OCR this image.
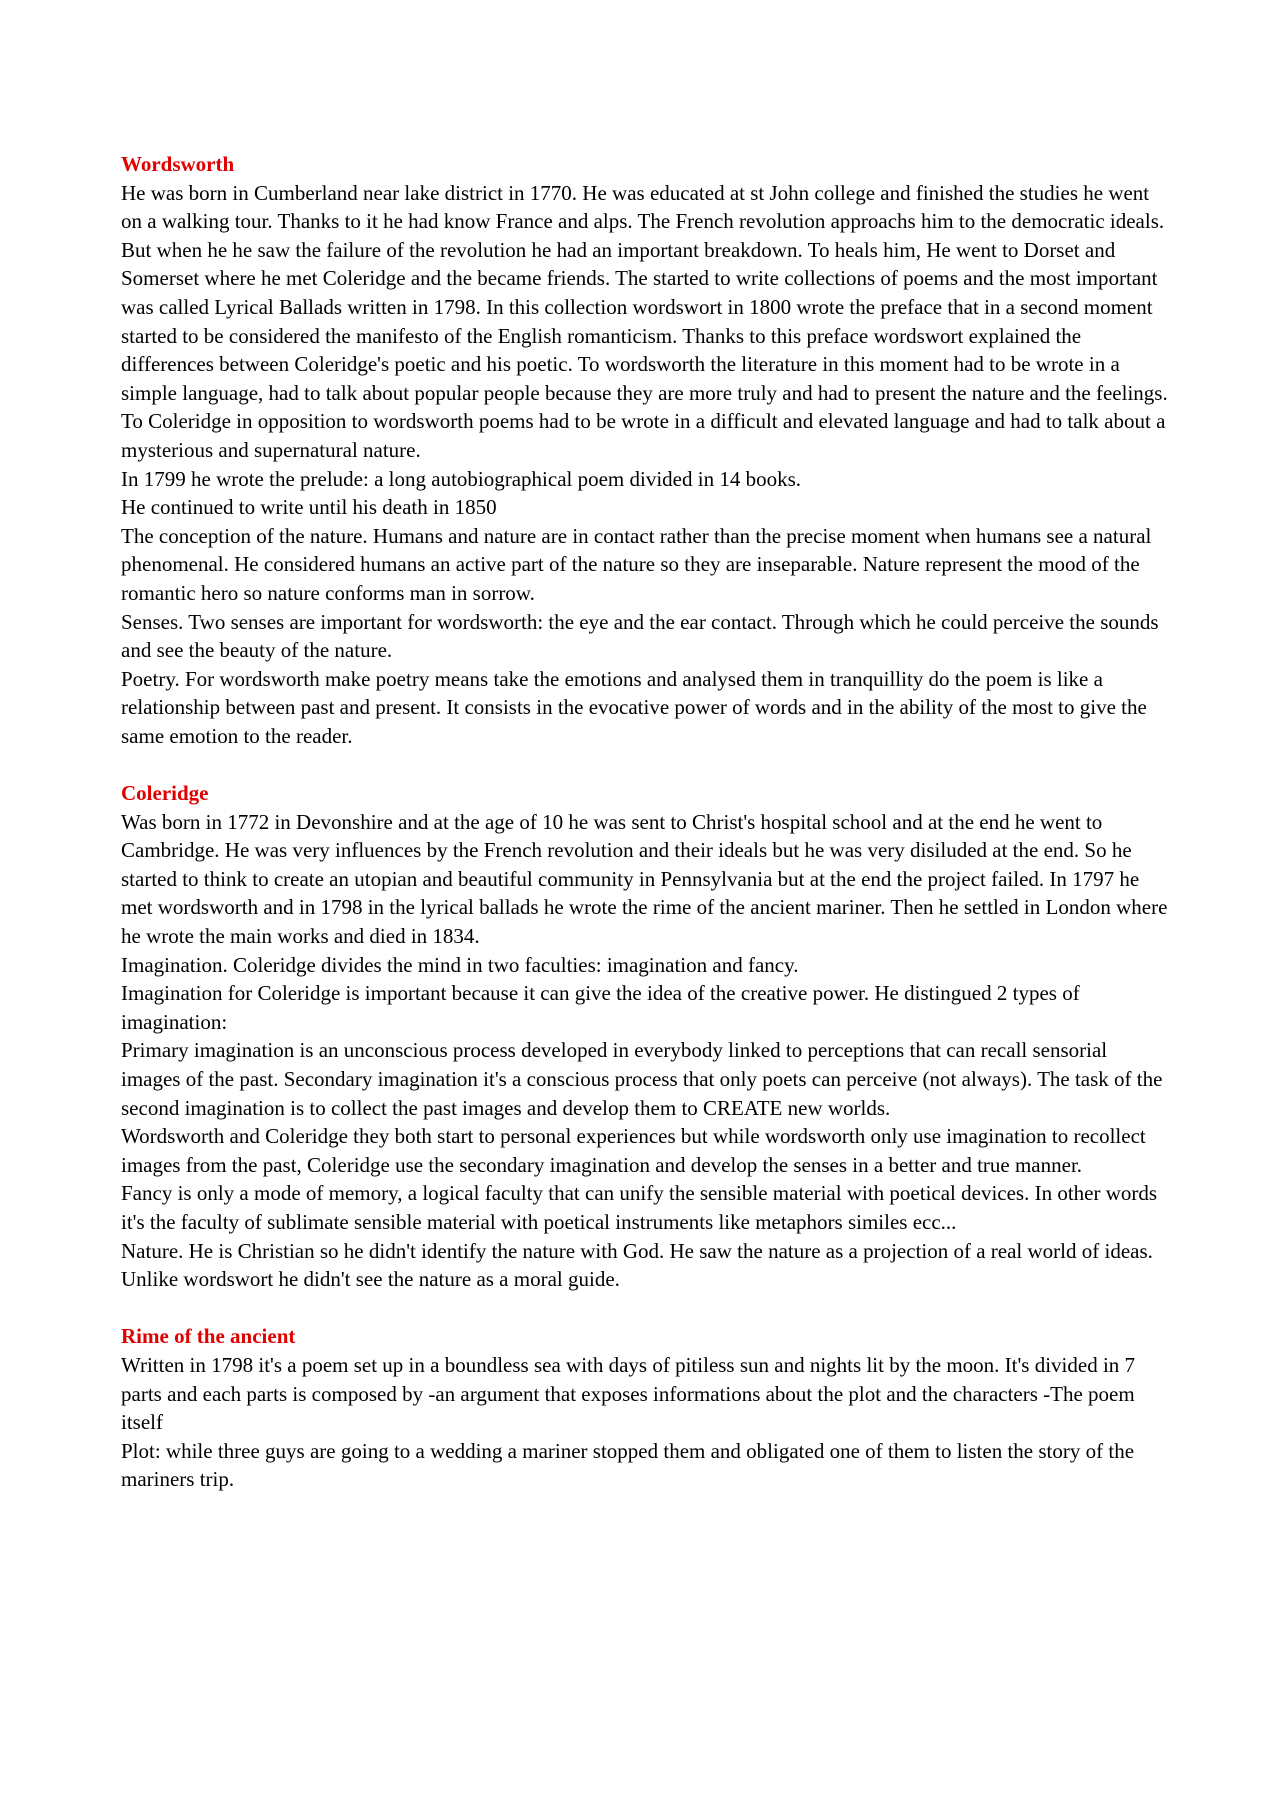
Wordsworth

He was born in Cumberland near lake district in 1770. He was educated at st John college and finished the studies he went on a walking tour. Thanks to it he had know France and alps. The French revolution approachs him to the democratic ideals. But when he he saw the failure of the revolution he had an important breakdown. To heals him, He went to Dorset and Somerset where he met Coleridge and the became friends. The started to write collections of poems and the most important was called Lyrical Ballads written in 1798. In this collection wordswort in 1800 wrote the preface that in a second moment started to be considered the manifesto of the English romanticism. Thanks to this preface wordswort explained the differences between Coleridge's poetic and his poetic. To wordsworth the literature in this moment had to be wrote in a simple language, had to talk about popular people because they are more truly and had to present the nature and the feelings. To Coleridge in opposition to wordsworth poems had to be wrote in a difficult and elevated language and had to talk about a mysterious and supernatural nature.

In 1799 he wrote the prelude: a long autobiographical poem divided in 14 books.

He continued to write until his death in 1850

The conception of the nature. Humans and nature are in contact rather than the precise moment when humans see a natural phenomenal. He considered humans an active part of the nature so they are inseparable. Nature represent the mood of the romantic hero so nature conforms man in sorrow.

Senses. Two senses are important for wordsworth: the eye and the ear contact. Through which he could perceive the sounds and see the beauty of the nature.

Poetry. For wordsworth make poetry means take the emotions and analysed them in tranquillity do the poem is like a relationship between past and present. It consists in the evocative power of words and in the ability of the most to give the same emotion to the reader.

Coleridge

Was born in 1772 in Devonshire and at the age of 10 he was sent to Christ's hospital school and at the end he went to Cambridge. He was very influences by the French revolution and their ideals but he was very disiluded at the end. So he started to think to create an utopian and beautiful community in Pennsylvania but at the end the project failed. In 1797 he met wordsworth and in 1798 in the lyrical ballads he wrote the rime of the ancient mariner. Then he settled in London where he wrote the main works and died in 1834.

Imagination. Coleridge divides the mind in two faculties: imagination and fancy.

Imagination for Coleridge is important because it can give the idea of the creative power. He distingued 2 types of imagination:

Primary imagination is an unconscious process developed in everybody linked to perceptions that can recall sensorial images of the past. Secondary imagination it's a conscious process that only poets can perceive (not always). The task of the second imagination is to collect the past images and develop them to CREATE new worlds.

Wordsworth and Coleridge they both start to personal experiences but while wordsworth only use imagination to recollect images from the past, Coleridge use the secondary imagination and develop the senses in a better and true manner.

Fancy is only a mode of memory, a logical faculty that can unify the sensible material with poetical devices. In other words it's the faculty of sublimate sensible material with poetical instruments like metaphors similes ecc...

Nature. He is Christian so he didn't identify the nature with God. He saw the nature as a projection of a real world of ideas. Unlike wordswort he didn't see the nature as a moral guide.

Rime of the ancient

Written in 1798 it's a poem set up in a boundless sea with days of pitiless sun and nights lit by the moon. It's divided in 7 parts and each parts is composed by -an argument that exposes informations about the plot and the characters -The poem itself

Plot: while three guys are going to a wedding a mariner stopped them and obligated one of them to listen the story of the mariners trip.
